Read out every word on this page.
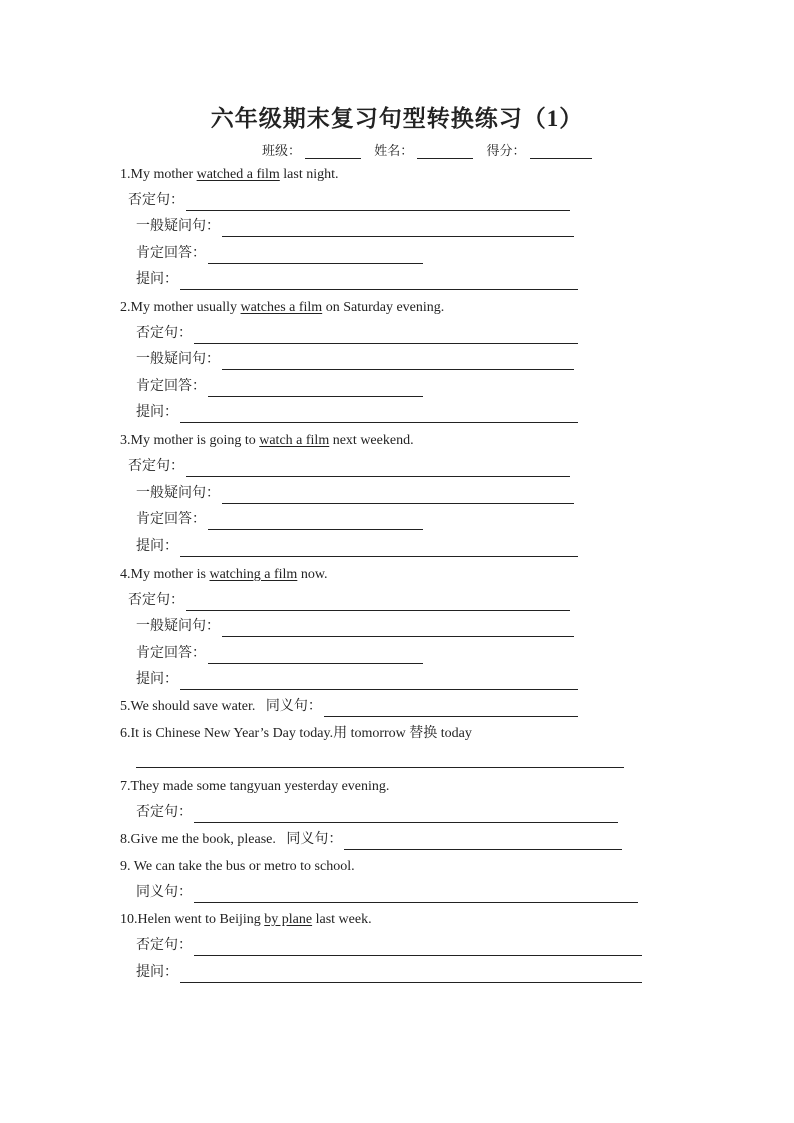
六年级期末复习句型转换练习（1）
班级：	姓名：	得分：
1.My mother watched a film last night.
否定句：
一般疑问句：
肯定回答：
提问：
2.My mother usually watches a film on Saturday evening.
否定句：
一般疑问句：
肯定回答：
提问：
3.My mother is going to watch a film next weekend.
否定句：
一般疑问句：
肯定回答：
提问：
4.My mother is watching a film now.
否定句：
一般疑问句：
肯定回答：
提问：
5.We should save water. 同义句：
6.It is Chinese New Year’s Day today.用 tomorrow 替换 today
7.They made some tangyuan yesterday evening.
否定句：
8.Give me the book, please. 同义句：
9. We can take the bus or metro to school.
同义句：
10.Helen went to Beijing by plane last week.
否定句：
提问：
